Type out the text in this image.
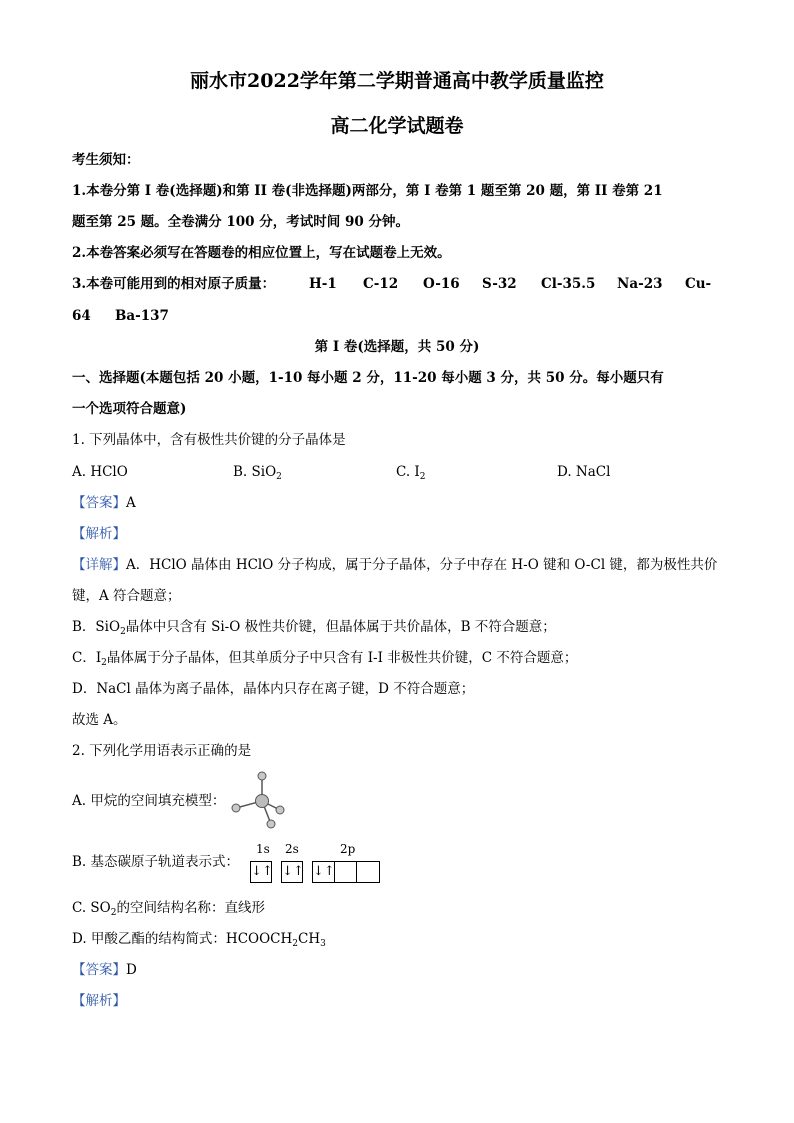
丽水市2022学年第二学期普通高中教学质量监控
高二化学试题卷
考生须知：
1.本卷分第 I 卷(选择题)和第 II 卷(非选择题)两部分，第 I 卷第 1 题至第 20 题，第 II 卷第 21
题至第 25 题。全卷满分 100 分，考试时间 90 分钟。
2.本卷答案必须写在答题卷的相应位置上，写在试题卷上无效。
3.本卷可能用到的相对原子质量：	H-1 C-12 O-16 S-32 Cl-35.5 Na-23 Cu-
64 Ba-137
第 I 卷(选择题，共 50 分)
一、选择题(本题包括 20 小题，1-10 每小题 2 分，11-20 每小题 3 分，共 50 分。每小题只有
一个选项符合题意)
1. 下列晶体中，含有极性共价键的分子晶体是
A. HClO	B. SiO$_2$	C. $I_2$	D. NaCl
【答案】A
【解析】
【详解】A．HClO 晶体由 HClO 分子构成，属于分子晶体，分子中存在 H-O 键和 O-Cl 键，都为极性共价
键，A 符合题意；
B．SiO$_2$晶体中只含有 Si-O 极性共价键，但晶体属于共价晶体，B 不符合题意；
C．$I_2$晶体属于分子晶体，但其单质分子中只含有 I-I 非极性共价键，C 不符合题意；
D．NaCl 晶体为离子晶体，晶体内只存在离子键，D 不符合题意；
故选 A。
2. 下列化学用语表示正确的是
A. 甲烷的空间填充模型：
B. 基态碳原子轨道表示式：
1s 2s	2p
↓↑ ↓↑ ↓↑
C. $SO_2$的空间结构名称：直线形
D. 甲酸乙酯的结构简式：$HCOOCH_2CH_3$
【答案】D
【解析】
